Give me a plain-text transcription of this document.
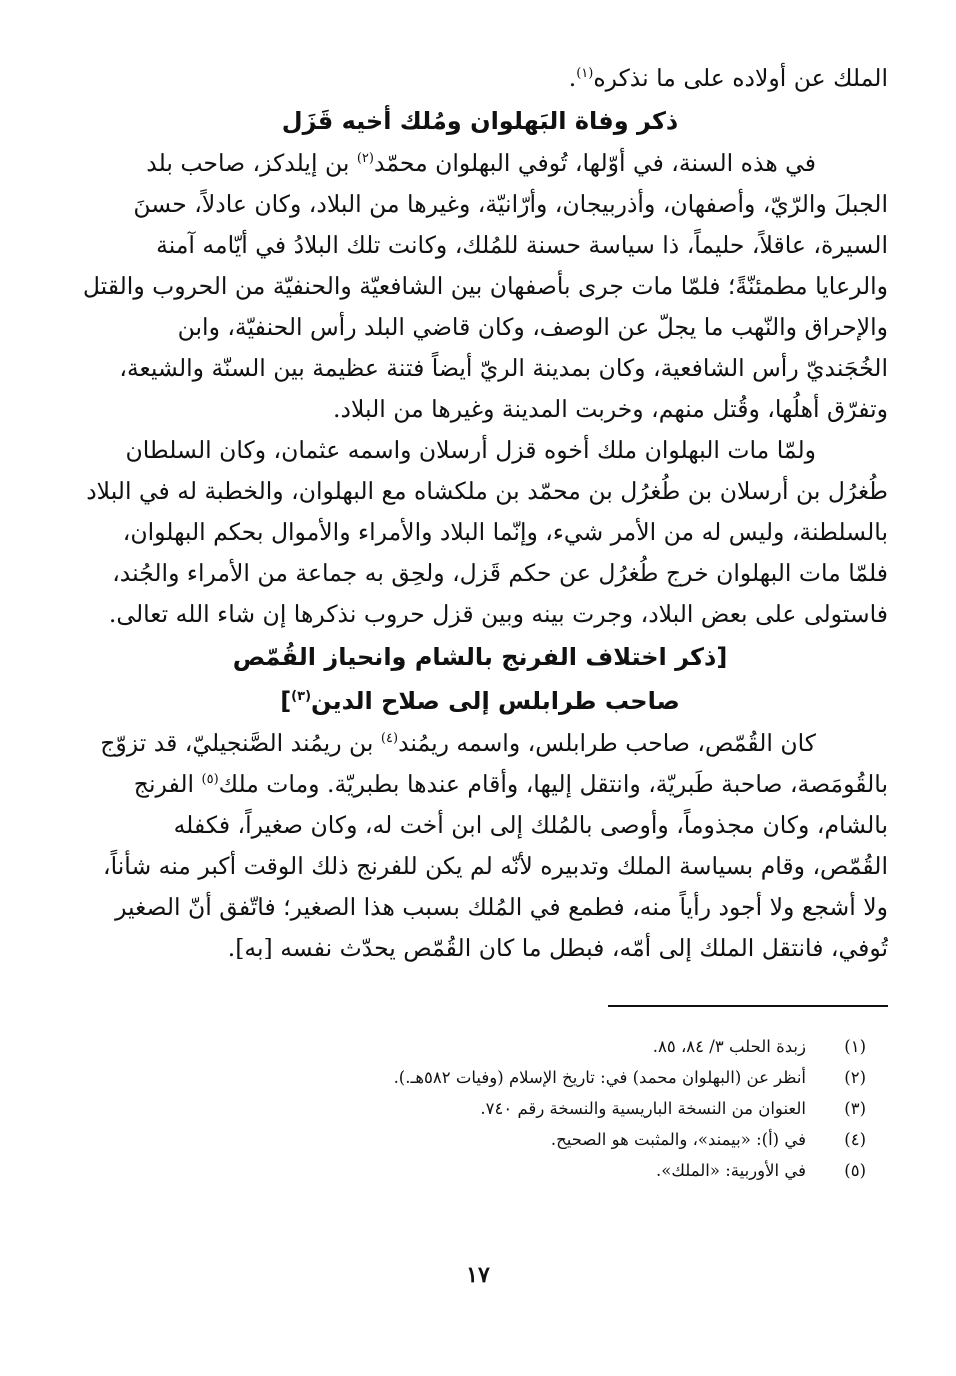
الملك عن أولاده على ما نذكره$^{(١)}$.
ذكر وفاة البَهلوان ومُلك أخيه قَزَل
في هذه السنة، في أوّلها، تُوفي البهلوان محمّد$^{(٢)}$ بن إيلدكز، صاحب بلد
الجبلَ والرّيّ، وأصفهان، وأذربيجان، وأرّانيّة، وغيرها من البلاد، وكان عادلاً، حسنَ
السيرة، عاقلاً، حليماً، ذا سياسة حسنة للمُلك، وكانت تلك البلادُ في أيّامه آمنة
والرعايا مطمئنّةً؛ فلمّا مات جرى بأصفهان بين الشافعيّة والحنفيّة من الحروب والقتل
والإحراق والنّهب ما يجلّ عن الوصف، وكان قاضي البلد رأس الحنفيّة، وابن
الخُجَنديّ رأس الشافعية، وكان بمدينة الريّ أيضاً فتنة عظيمة بين السنّة والشيعة،
وتفرّق أهلُها، وقُتل منهم، وخربت المدينة وغيرها من البلاد.
ولمّا مات البهلوان ملك أخوه قزل أرسلان واسمه عثمان، وكان السلطان
طُغرُل بن أرسلان بن طُغرُل بن محمّد بن ملكشاه مع البهلوان، والخطبة له في البلاد
بالسلطنة، وليس له من الأمر شيء، وإنّما البلاد والأمراء والأموال بحكم البهلوان،
فلمّا مات البهلوان خرج طُغرُل عن حكم قَزل، ولحِق به جماعة من الأمراء والجُند،
فاستولى على بعض البلاد، وجرت بينه وبين قزل حروب نذكرها إن شاء الله تعالى.
[ذكر اختلاف الفرنج بالشام وانحياز القُمّص
صاحب طرابلس إلى صلاح الدين$^{(٣)}$]
كان القُمّص، صاحب طرابلس، واسمه ريمُند$^{(٤)}$ بن ريمُند الصَّنجيليّ، قد تزوّج
بالقُومَصة، صاحبة طَبريّة، وانتقل إليها، وأقام عندها بطبريّة. ومات ملك$^{(٥)}$ الفرنج
بالشام، وكان مجذوماً، وأوصى بالمُلك إلى ابن أخت له، وكان صغيراً، فكفله
القُمّص، وقام بسياسة الملك وتدبيره لأنّه لم يكن للفرنج ذلك الوقت أكبر منه شأناً،
ولا أشجع ولا أجود رأياً منه، فطمع في المُلك بسبب هذا الصغير؛ فاتّفق أنّ الصغير
تُوفي، فانتقل الملك إلى أمّه، فبطل ما كان القُمّص يحدّث نفسه [به].
(١)
زبدة الحلب ٣/ ٨٤، ٨٥.
(٢)
أنظر عن (البهلوان محمد) في: تاريخ الإسلام (وفيات ٥٨٢هـ.).
(٣)
العنوان من النسخة الباريسية والنسخة رقم ٧٤٠.
(٤)
في (أ): «بيمند»، والمثبت هو الصحيح.
(٥)
في الأوربية: «الملك».
١٧
